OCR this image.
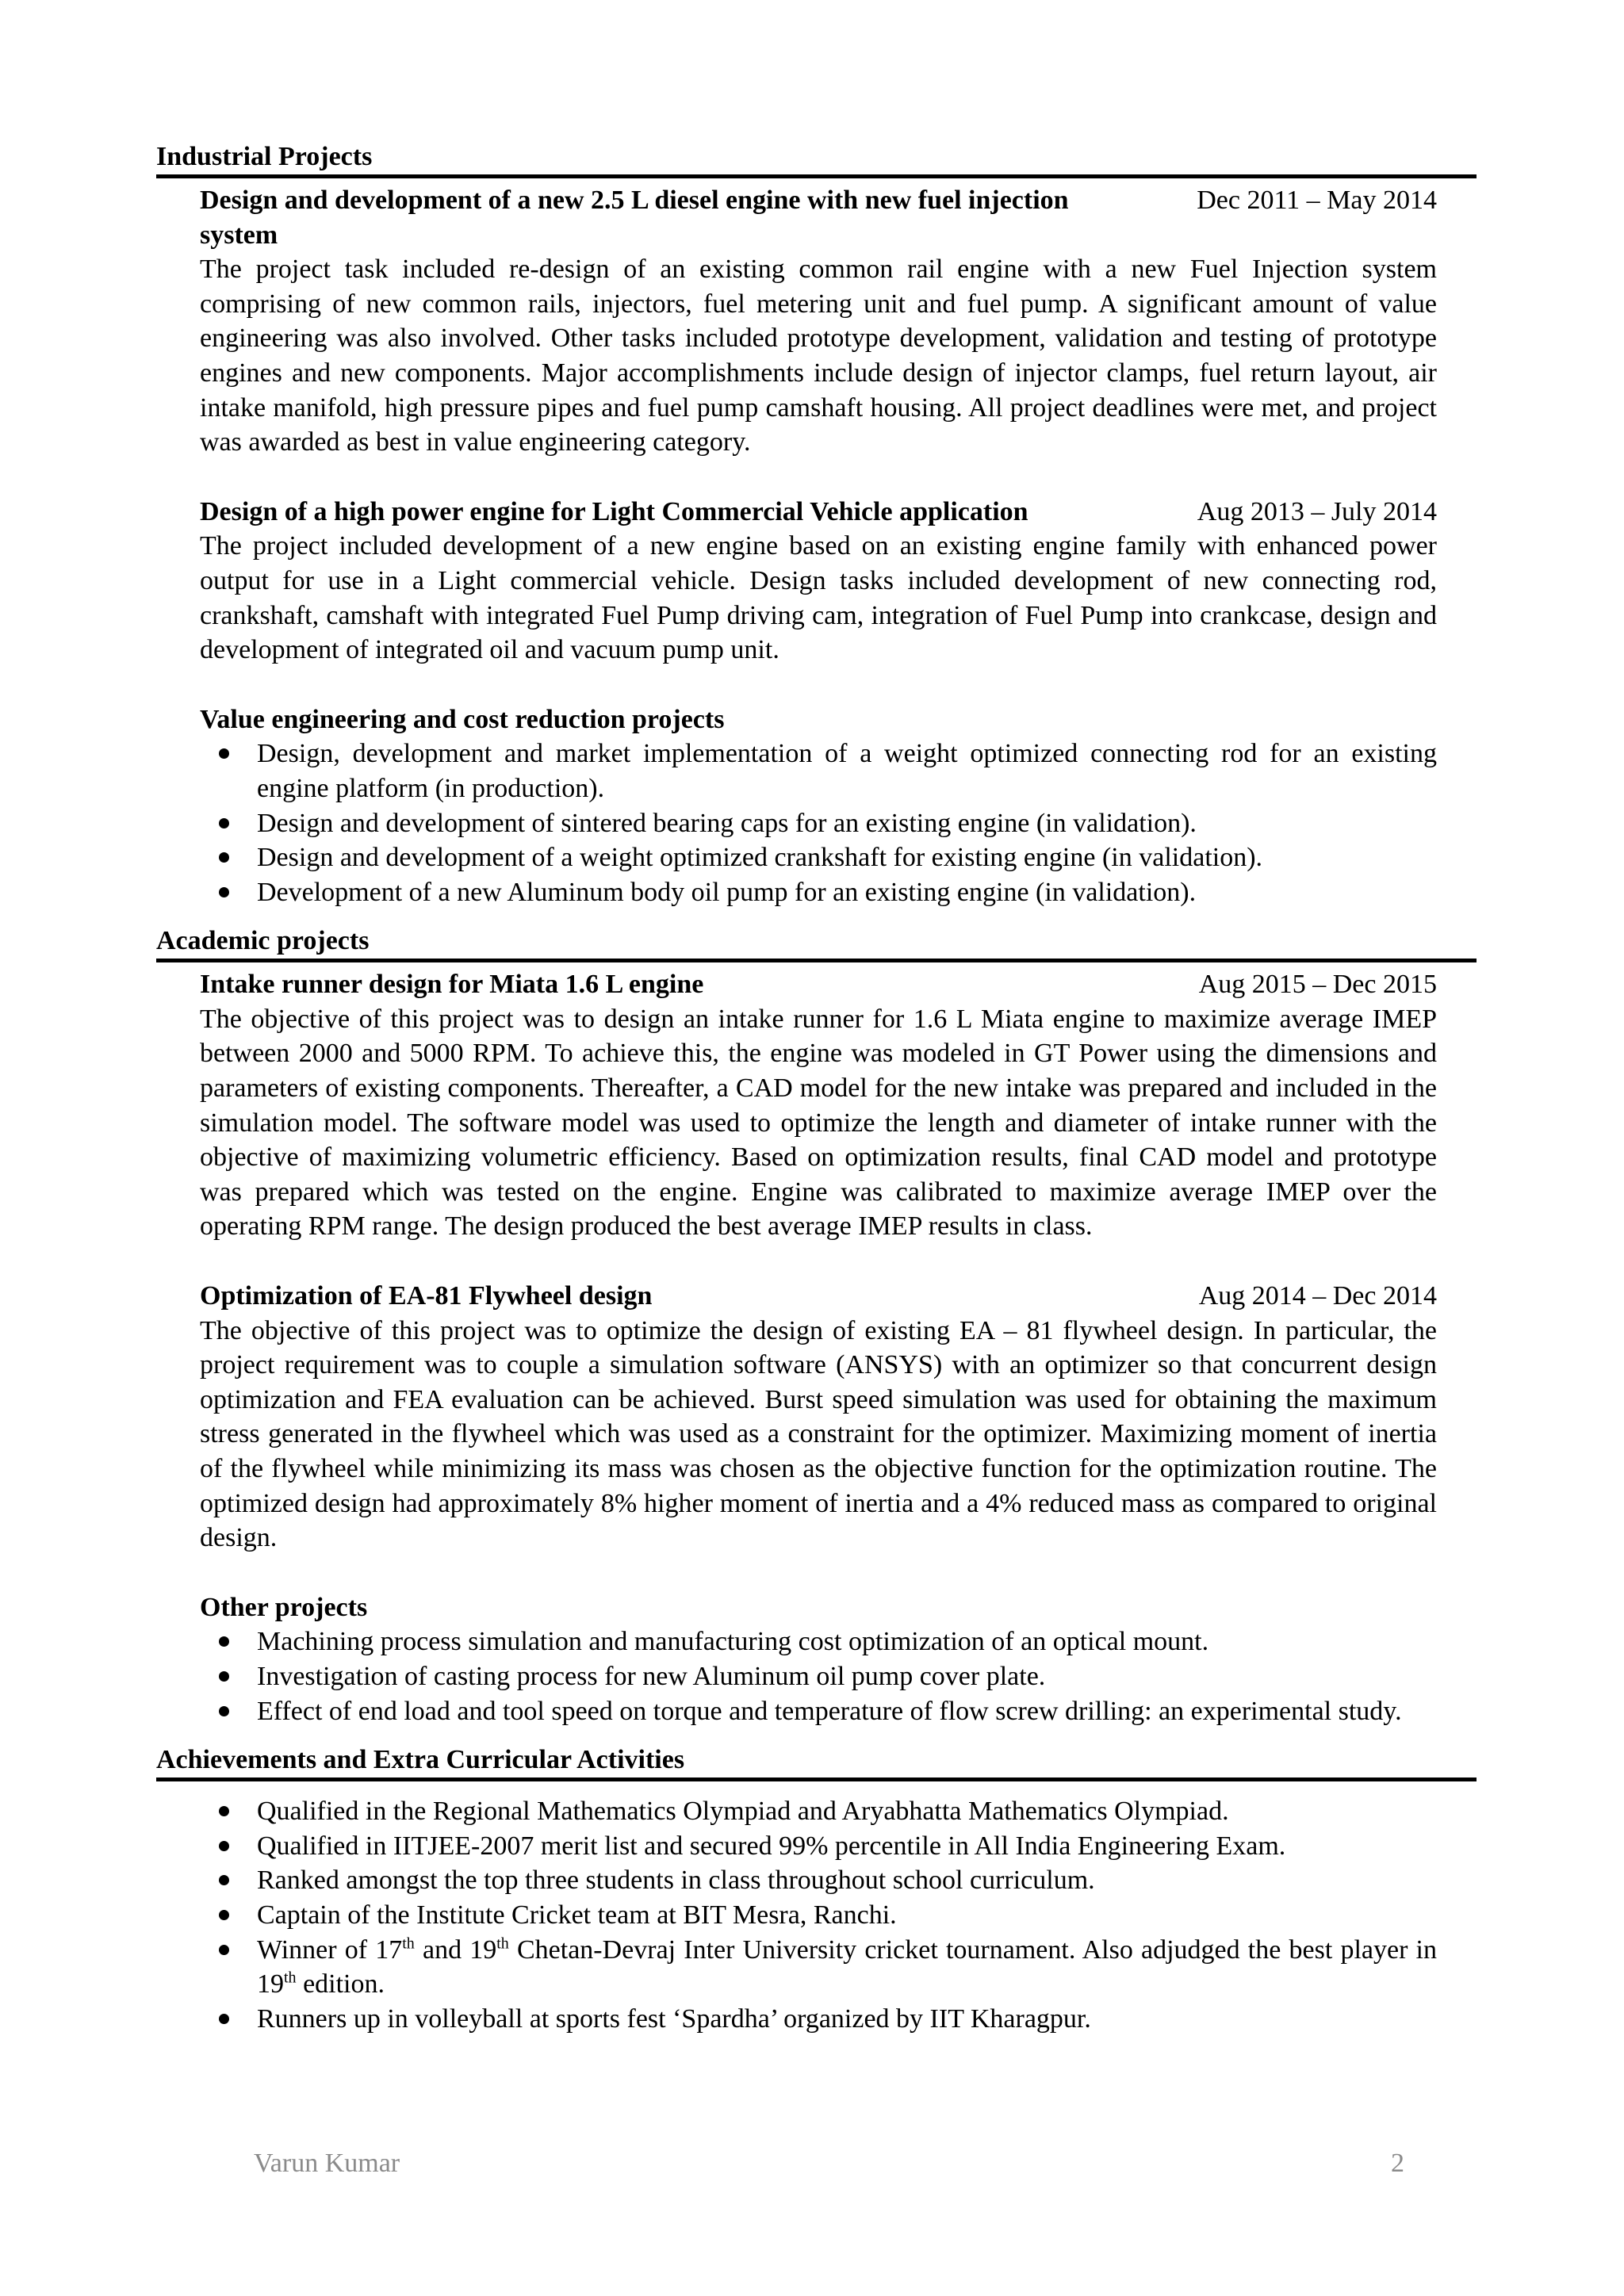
Industrial Projects
Design and development of a new 2.5 L diesel engine with new fuel injection system
Dec 2011 – May 2014

The project task included re-design of an existing common rail engine with a new Fuel Injection system comprising of new common rails, injectors, fuel metering unit and fuel pump. A significant amount of value engineering was also involved. Other tasks included prototype development, validation and testing of prototype engines and new components. Major accomplishments include design of injector clamps, fuel return layout, air intake manifold, high pressure pipes and fuel pump camshaft housing. All project deadlines were met, and project was awarded as best in value engineering category.

Design of a high power engine for Light Commercial Vehicle application	Aug 2013 – July 2014

The project included development of a new engine based on an existing engine family with enhanced power output for use in a Light commercial vehicle. Design tasks included development of new connecting rod, crankshaft, camshaft with integrated Fuel Pump driving cam, integration of Fuel Pump into crankcase, design and development of integrated oil and vacuum pump unit.

Value engineering and cost reduction projects
Design, development and market implementation of a weight optimized connecting rod for an existing engine platform (in production).
Design and development of sintered bearing caps for an existing engine (in validation).
Design and development of a weight optimized crankshaft for existing engine (in validation).
Development of a new Aluminum body oil pump for an existing engine (in validation).
Academic projects
Intake runner design for Miata 1.6 L engine	Aug 2015 – Dec 2015

The objective of this project was to design an intake runner for 1.6 L Miata engine to maximize average IMEP between 2000 and 5000 RPM. To achieve this, the engine was modeled in GT Power using the dimensions and parameters of existing components. Thereafter, a CAD model for the new intake was prepared and included in the simulation model. The software model was used to optimize the length and diameter of intake runner with the objective of maximizing volumetric efficiency. Based on optimization results, final CAD model and prototype was prepared which was tested on the engine. Engine was calibrated to maximize average IMEP over the operating RPM range. The design produced the best average IMEP results in class.

Optimization of EA-81 Flywheel design	Aug 2014 – Dec 2014

The objective of this project was to optimize the design of existing EA – 81 flywheel design. In particular, the project requirement was to couple a simulation software (ANSYS) with an optimizer so that concurrent design optimization and FEA evaluation can be achieved. Burst speed simulation was used for obtaining the maximum stress generated in the flywheel which was used as a constraint for the optimizer. Maximizing moment of inertia of the flywheel while minimizing its mass was chosen as the objective function for the optimization routine. The optimized design had approximately 8% higher moment of inertia and a 4% reduced mass as compared to original design.

Other projects
Machining process simulation and manufacturing cost optimization of an optical mount.
Investigation of casting process for new Aluminum oil pump cover plate.
Effect of end load and tool speed on torque and temperature of flow screw drilling: an experimental study.
Achievements and Extra Curricular Activities
Qualified in the Regional Mathematics Olympiad and Aryabhatta Mathematics Olympiad.
Qualified in IITJEE-2007 merit list and secured 99% percentile in All India Engineering Exam.
Ranked amongst the top three students in class throughout school curriculum.
Captain of the Institute Cricket team at BIT Mesra, Ranchi.
Winner of 17th and 19th Chetan-Devraj Inter University cricket tournament. Also adjudged the best player in 19th edition.
Runners up in volleyball at sports fest ‘Spardha’ organized by IIT Kharagpur.
Varun Kumar	2
